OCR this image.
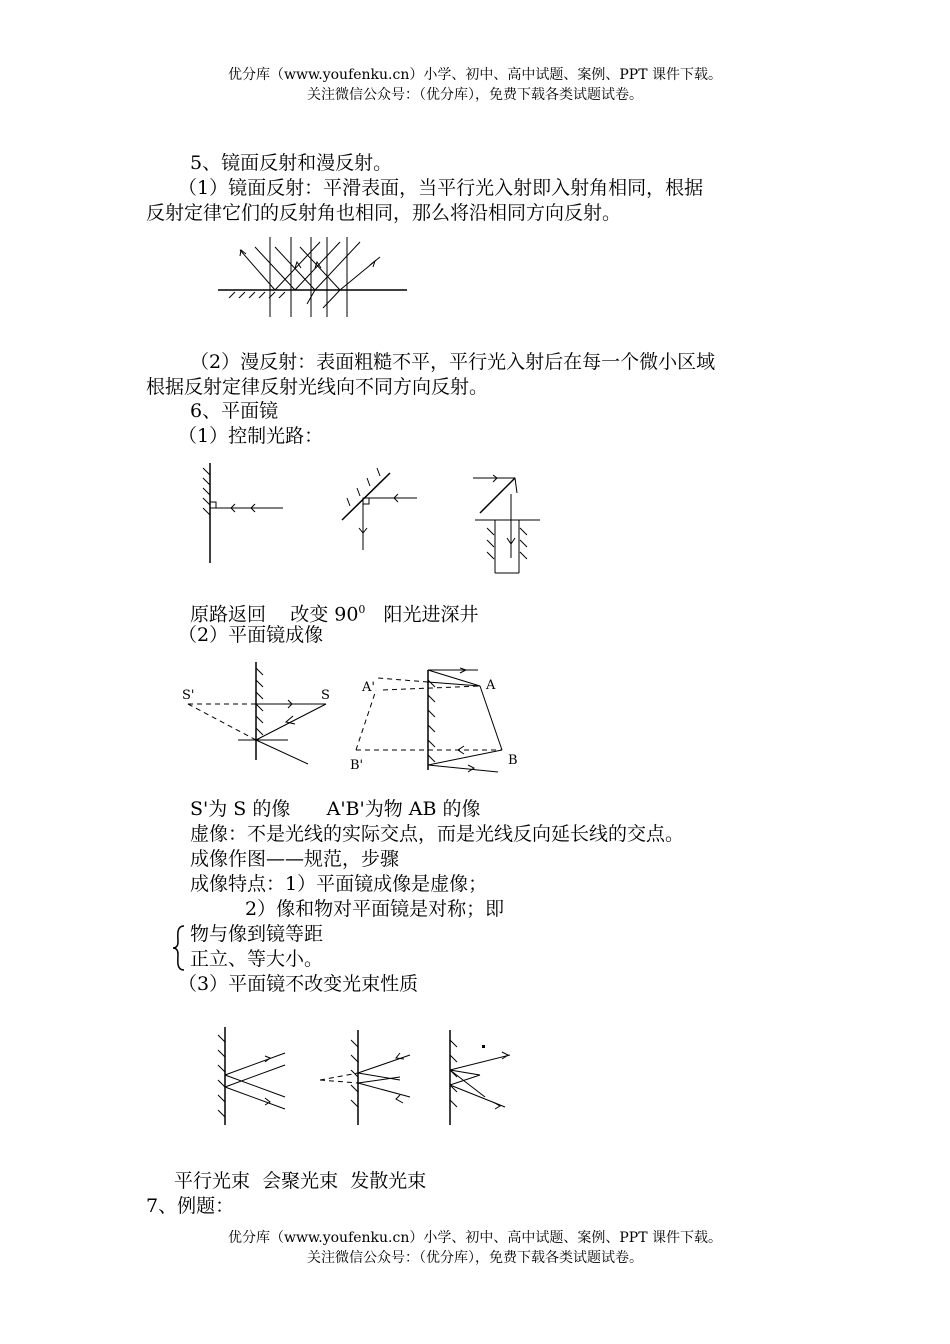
优分库（www.youfenku.cn）小学、初中、高中试题、案例、PPT 课件下载。
关注微信公众号：（优分库），免费下载各类试题试卷。
5、镜面反射和漫反射。
（1）镜面反射：平滑表面，当平行光入射即入射角相同，根据
反射定律它们的反射角也相同，那么将沿相同方向反射。
（2）漫反射：表面粗糙不平，平行光入射后在每一个微小区域
根据反射定律反射光线向不同方向反射。
6、平面镜
（1）控制光路：
原路返回 改变 $90^0$ 阳光进深井
（2）平面镜成像
S'	S
A'	A
B'	B
S'为 S 的像 A'B'为物 AB 的像
虚像：不是光线的实际交点，而是光线反向延长线的交点。
成像作图——规范，步骤
成像特点：1）平面镜成像是虚像；
2）像和物对平面镜是对称；即
物与像到镜等距
正立、等大小。
（3）平面镜不改变光束性质
平行光束 会聚光束 发散光束
7、例题：
优分库（www.youfenku.cn）小学、初中、高中试题、案例、PPT 课件下载。
关注微信公众号：（优分库），免费下载各类试题试卷。
